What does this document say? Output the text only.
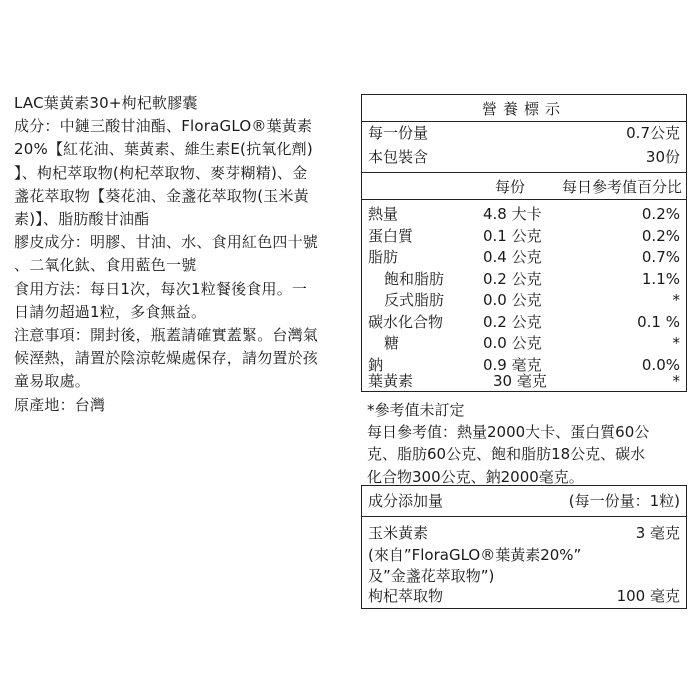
LAC葉黃素30+枸杞軟膠囊

成分：中鏈三酸甘油酯、FloraGLO®葉黃素

20%【紅花油、葉黃素、維生素E(抗氧化劑)

】、枸杞萃取物(枸杞萃取物、麥芽糊精)、金

盞花萃取物【葵花油、金盞花萃取物(玉米黃

素)】、脂肪酸甘油酯

膠皮成分：明膠、甘油、水、食用紅色四十號

、二氧化鈦、食用藍色一號

食用方法：每日1次，每次1粒餐後食用。一

日請勿超過1粒，多食無益。

注意事項：開封後，瓶蓋請確實蓋緊。台灣氣

候溼熱，請置於陰涼乾燥處保存，請勿置於孩

童易取處。

原產地：台灣

營養標示
每一份量	0.7公克
本包裝含	30份
每份 每日參考值百分比
熱量	4.8 大卡	0.2%
蛋白質	0.1 公克	0.2%
脂肪	0.4 公克	0.7%
飽和脂肪	0.2 公克	1.1%
反式脂肪	0.0 公克	*
碳水化合物	0.2 公克	0.1 %
糖	0.0 公克	*
鈉	0.9 毫克	0.0%
葉黃素	30 毫克	*
*參考值未訂定
每日參考值：熱量2000大卡、蛋白質60公
克、脂肪60公克、飽和脂肪18公克、碳水
化合物300公克、鈉2000毫克。
成分添加量	(每一份量：1粒)
玉米黃素	3 毫克
(來自”FloraGLO®葉黃素20%”
及”金盞花萃取物”)
枸杞萃取物	100 毫克
